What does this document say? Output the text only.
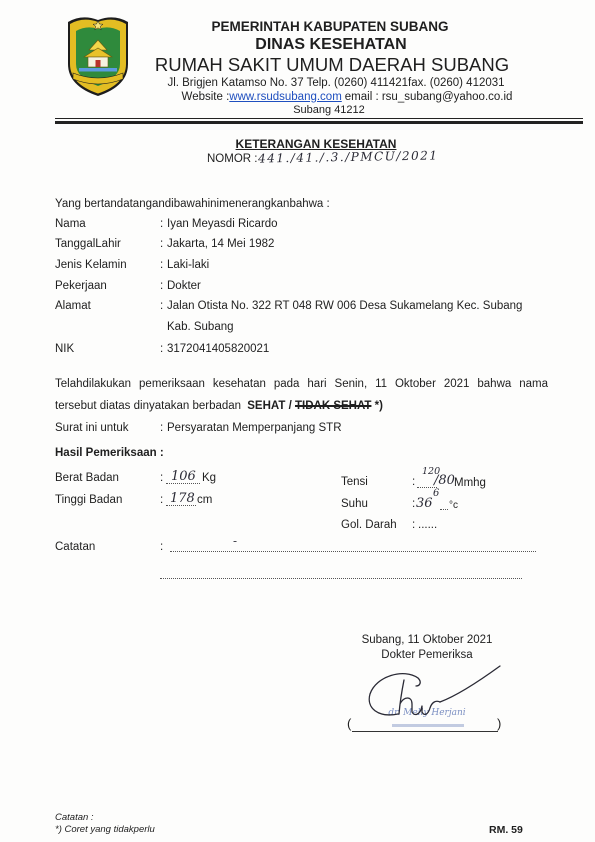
PEMERINTAH KABUPATEN SUBANG
DINAS KESEHATAN
RUMAH SAKIT UMUM DAERAH SUBANG
Jl. Brigjen Katamso No. 37 Telp. (0260) 411421fax. (0260) 412031
Website :www.rsudsubang.com email : rsu_subang@yahoo.co.id
Subang 41212
KETERANGAN KESEHATAN
NOMOR : 441./41./.3./PMCU/2021
Yang bertandatangandibawahinimenerangkanbahwa :
Nama	: Iyan Meyasdi Ricardo
TanggalLahir	: Jakarta, 14 Mei 1982
Jenis Kelamin	: Laki-laki
Pekerjaan	: Dokter
Alamat	: Jalan Otista No. 322 RT 048 RW 006 Desa Sukamelang Kec. Subang
Kab. Subang
NIK	: 3172041405820021
Telahdilakukan pemeriksaan kesehatan pada hari Senin, 11 Oktober 2021 bahwa nama
tersebut diatas dinyatakan berbadan SEHAT / TIDAK SEHAT *)
Surat ini untuk	: Persyaratan Memperpanjang STR
Hasil Pemeriksaan :
Berat Badan	: 106 Kg
Tinggi Badan	: 178 cm
Tensi	:
120
/80 Mmhg
Suhu	: 36
6
°c
Gol. Darah : ......
Catatan	:	-
Subang, 11 Oktober 2021
Dokter Pemeriksa
dr. Melly Herjani
(	)
Catatan :
*) Coret yang tidakperlu	RM. 59
